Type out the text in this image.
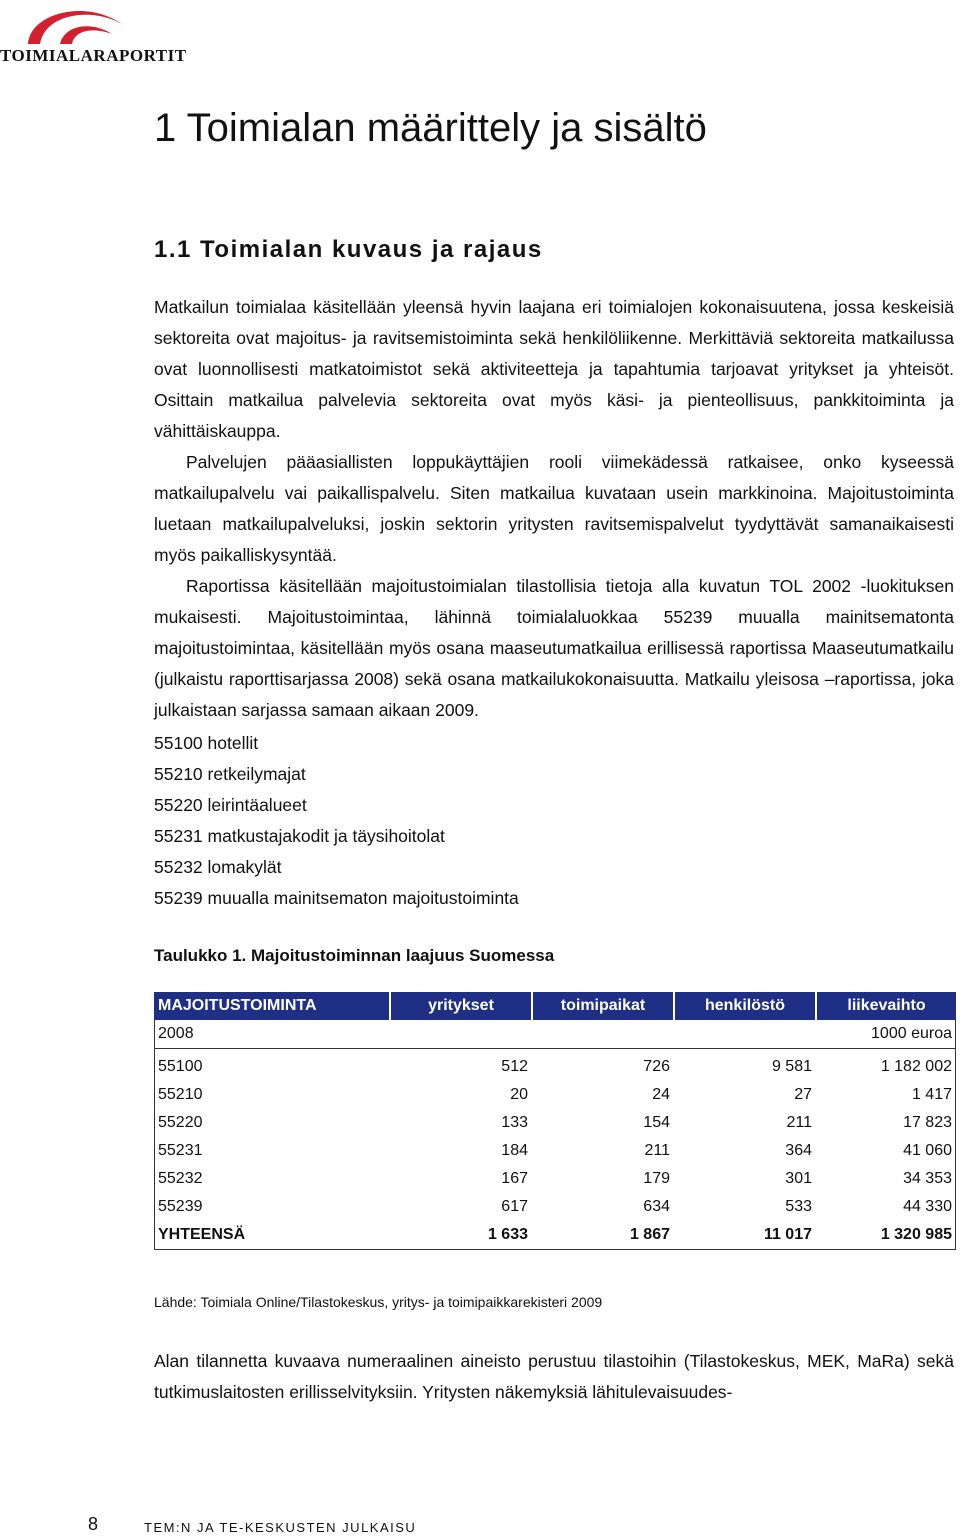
TOIMIALARAPORTIT
1 Toimialan määrittely ja sisältö
1.1 Toimialan kuvaus ja rajaus

Matkailun toimialaa käsitellään yleensä hyvin laajana eri toimialojen kokonaisuutena, jossa keskeisiä sektoreita ovat majoitus- ja ravitsemistoiminta sekä henkilöliikenne. Merkittäviä sektoreita matkailussa ovat luonnollisesti matkatoimistot sekä aktiviteetteja ja tapahtumia tarjoavat yritykset ja yhteisöt. Osittain matkailua palvelevia sektoreita ovat myös käsi- ja pienteollisuus, pankkitoiminta ja vähittäiskauppa.

Palvelujen pääasiallisten loppukäyttäjien rooli viimekädessä ratkaisee, onko kyseessä matkailupalvelu vai paikallispalvelu. Siten matkailua kuvataan usein markkinoina. Majoitustoiminta luetaan matkailupalveluksi, joskin sektorin yritysten ravitsemispalvelut tyydyttävät samanaikaisesti myös paikalliskysyntää.

Raportissa käsitellään majoitustoimialan tilastollisia tietoja alla kuvatun TOL 2002 -luokituksen mukaisesti. Majoitustoimintaa, lähinnä toimialaluokkaa 55239 muualla mainitsematonta majoitustoimintaa, käsitellään myös osana maaseutumatkailua erillisessä raportissa Maaseutumatkailu (julkaistu raporttisarjassa 2008) sekä osana matkailukokonaisuutta. Matkailu yleisosa –raportissa, joka julkaistaan sarjassa samaan aikaan 2009.

55100 hotellit
55210 retkeilymajat
55220 leirintäalueet
55231 matkustajakodit ja täysihoitolat
55232 lomakylät
55239 muualla mainitsematon majoitustoiminta
Taulukko 1. Majoitustoiminnan laajuus Suomessa
MAJOITUSTOIMINTA	yritykset	toimipaikat	henkilöstö	liikevaihto
2008				1000 euroa
55100	512	726	9 581	1 182 002
55210	20	24	27	1 417
55220	133	154	211	17 823
55231	184	211	364	41 060
55232	167	179	301	34 353
55239	617	634	533	44 330
YHTEENSÄ	1 633	1 867	11 017	1 320 985
Lähde: Toimiala Online/Tilastokeskus, yritys- ja toimipaikkarekisteri 2009

Alan tilannetta kuvaava numeraalinen aineisto perustuu tilastoihin (Tilastokeskus, MEK, MaRa) sekä tutkimuslaitosten erillisselvityksiin. Yritysten näkemyksiä lähitulevaisuudes-

8	TEM:N JA TE-KESKUSTEN JULKAISU
